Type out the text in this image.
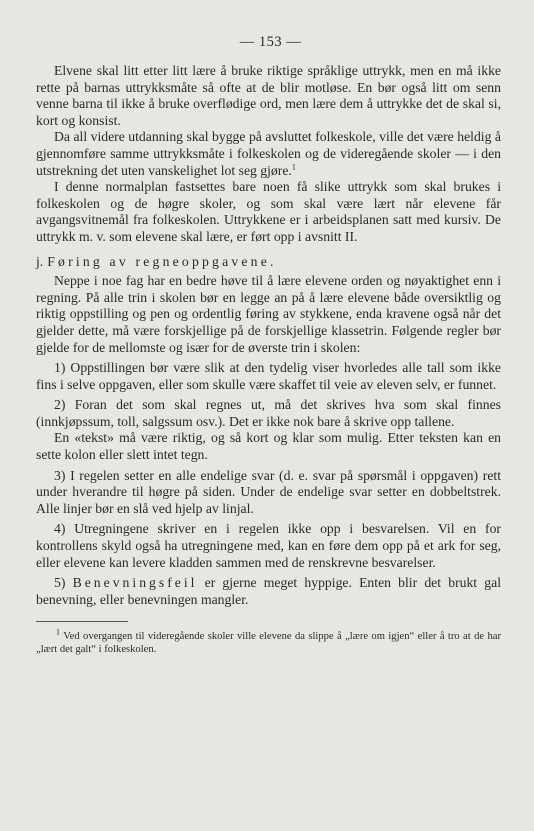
— 153 —

Elvene skal litt etter litt lære å bruke riktige språklige uttrykk, men en må ikke rette på barnas uttrykksmåte så ofte at de blir motløse. En bør også litt om senn venne barna til ikke å bruke overflødige ord, men lære dem å uttrykke det de skal si, kort og konsist.

Da all videre utdanning skal bygge på avsluttet folkeskole, ville det være heldig å gjennomføre samme uttrykksmåte i folkeskolen og de videregående skoler — i den utstrekning det uten vanskelighet lot seg gjøre.$^1$

I denne normalplan fastsettes bare noen få slike uttrykk som skal brukes i folkeskolen og de høgre skoler, og som skal være lært når elevene får avgangsvitnemål fra folkeskolen. Uttrykkene er i arbeidsplanen satt med kursiv. De uttrykk m. v. som elevene skal lære, er ført opp i avsnitt II.

j. Føring av regneoppgavene.

Neppe i noe fag har en bedre høve til å lære elevene orden og nøyaktighet enn i regning. På alle trin i skolen bør en legge an på å lære elevene både oversiktlig og riktig oppstilling og pen og ordentlig føring av stykkene, enda kravene også når det gjelder dette, må være forskjellige på de forskjellige klassetrin. Følgende regler bør gjelde for de mellomste og især for de øverste trin i skolen:

1) Oppstillingen bør være slik at den tydelig viser hvorledes alle tall som ikke fins i selve oppgaven, eller som skulle være skaffet til veie av eleven selv, er funnet.

2) Foran det som skal regnes ut, må det skrives hva som skal finnes (innkjøpssum, toll, salgssum osv.). Det er ikke nok bare å skrive opp tallene.

En «tekst» må være riktig, og så kort og klar som mulig. Etter teksten kan en sette kolon eller slett intet tegn.

3) I regelen setter en alle endelige svar (d. e. svar på spørsmål i oppgaven) rett under hverandre til høgre på siden. Under de endelige svar setter en dobbeltstrek. Alle linjer bør en slå ved hjelp av linjal.

4) Utregningene skriver en i regelen ikke opp i besvarelsen. Vil en for kontrollens skyld også ha utregningene med, kan en føre dem opp på et ark for seg, eller elevene kan levere kladden sammen med de renskrevne besvarelser.

5) Benevningsfeil er gjerne meget hyppige. Enten blir det brukt gal benevning, eller benevningen mangler.

$^1$ Ved overgangen til videregående skoler ville elevene da slippe å „lære om igjen“ eller å tro at de har „lært det galt“ i folkeskolen.
